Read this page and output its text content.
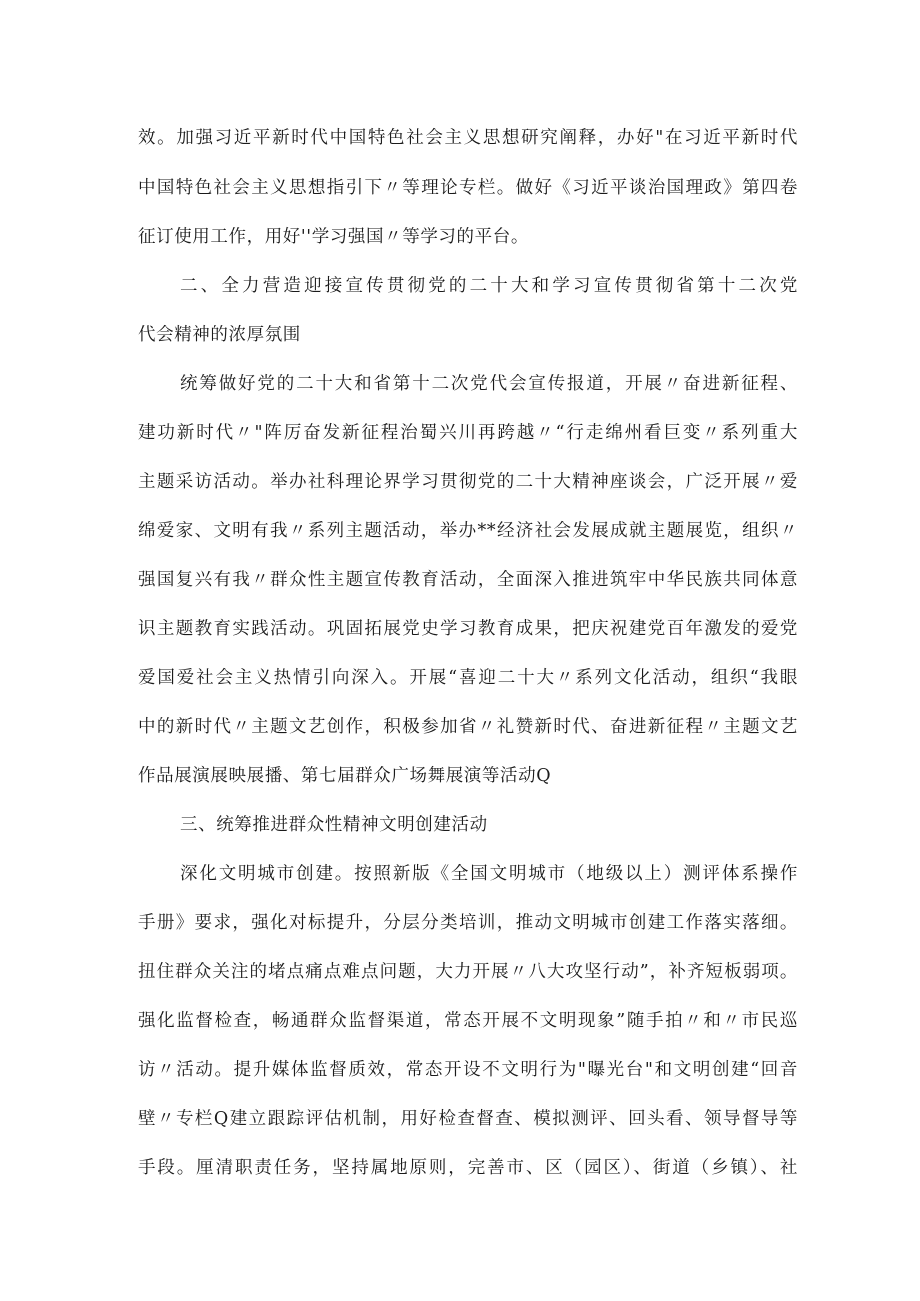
效。加强习近平新时代中国特色社会主义思想研究阐释，办好"在习近平新时代
中国特色社会主义思想指引下〃等理论专栏。做好《习近平谈治国理政》第四卷
征订使用工作，用好''学习强国〃等学习的平台。
二、全力营造迎接宣传贯彻党的二十大和学习宣传贯彻省第十二次党
代会精神的浓厚氛围
统筹做好党的二十大和省第十二次党代会宣传报道，开展〃奋进新征程、
建功新时代〃"阵厉奋发新征程治蜀兴川再跨越〃“行走绵州看巨变〃系列重大
主题采访活动。举办社科理论界学习贯彻党的二十大精神座谈会，广泛开展〃爱
绵爱家、文明有我〃系列主题活动，举办**经济社会发展成就主题展览，组织〃
强国复兴有我〃群众性主题宣传教育活动，全面深入推进筑牢中华民族共同体意
识主题教育实践活动。巩固拓展党史学习教育成果，把庆祝建党百年激发的爱党
爱国爱社会主义热情引向深入。开展“喜迎二十大〃系列文化活动，组织“我眼
中的新时代〃主题文艺创作，积极参加省〃礼赞新时代、奋进新征程〃主题文艺
作品展演展映展播、第七届群众广场舞展演等活动Q
三、统筹推进群众性精神文明创建活动
深化文明城市创建。按照新版《全国文明城市（地级以上）测评体系操作
手册》要求，强化对标提升，分层分类培训，推动文明城市创建工作落实落细。
扭住群众关注的堵点痛点难点问题，大力开展〃八大攻坚行动”，补齐短板弱项。
强化监督检查，畅通群众监督渠道，常态开展不文明现象”随手拍〃和〃市民巡
访〃活动。提升媒体监督质效，常态开设不文明行为"曝光台"和文明创建“回音
壁〃专栏Q建立跟踪评估机制，用好检查督查、模拟测评、回头看、领导督导等
手段。厘清职责任务，坚持属地原则，完善市、区（园区）、街道（乡镇）、社
